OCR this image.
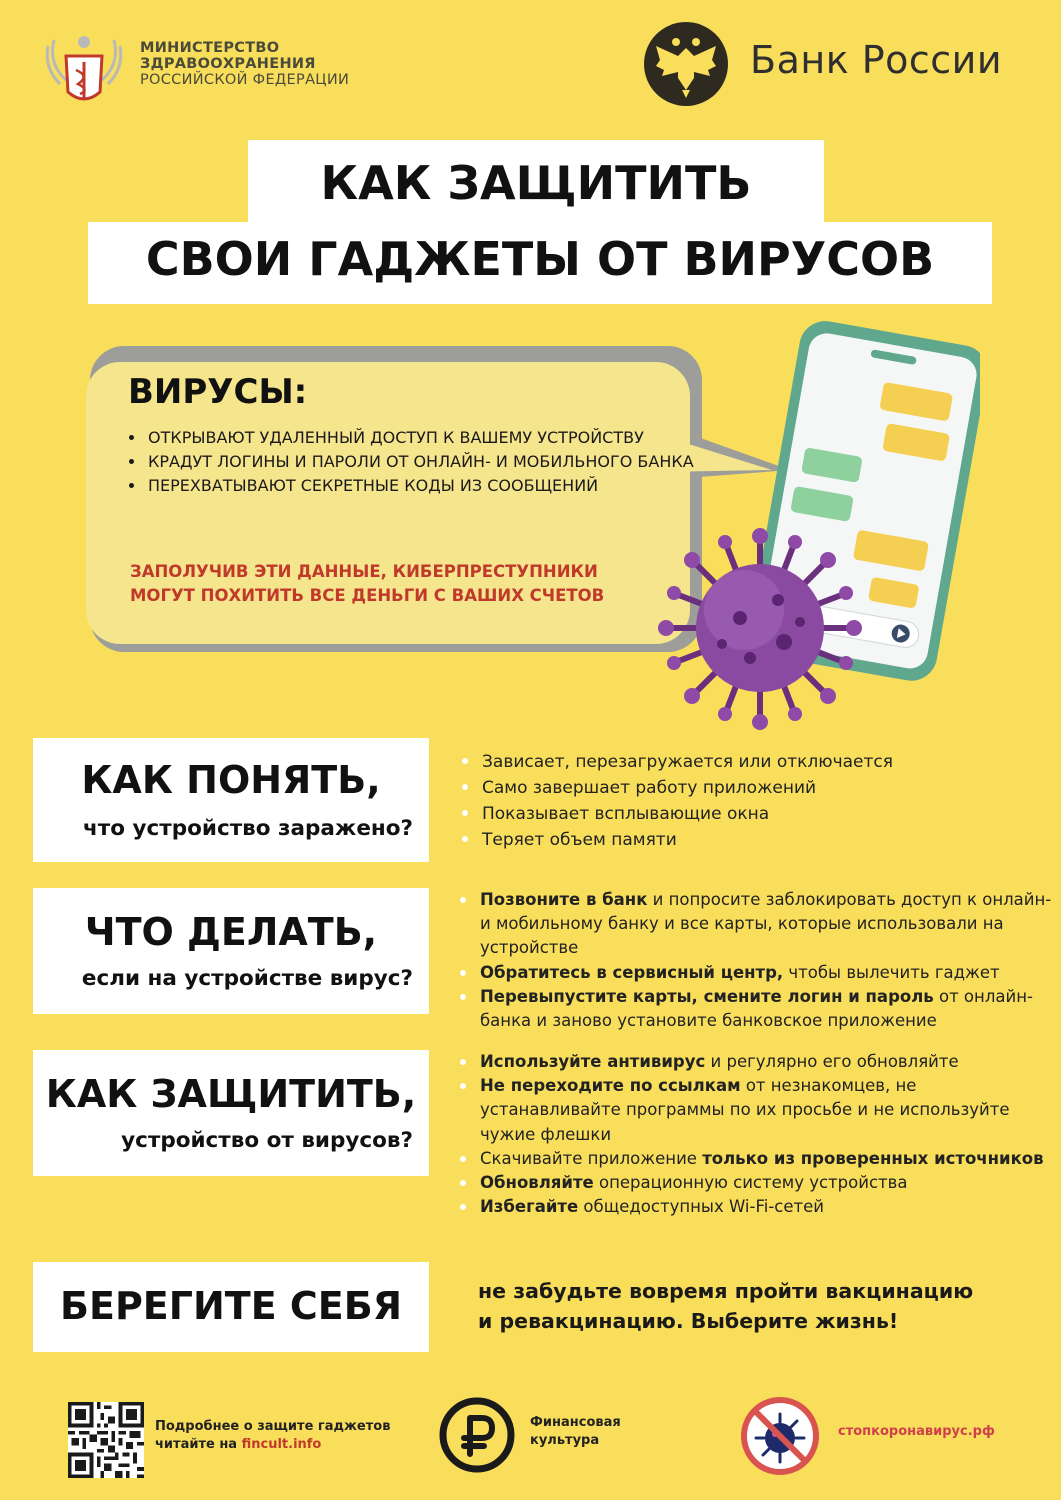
МИНИСТЕРСТВО
ЗДРАВООХРАНЕНИЯ
РОССИЙСКОЙ ФЕДЕРАЦИИ	Банк России
КАК ЗАЩИТИТЬ
СВОИ ГАДЖЕТЫ ОТ ВИРУСОВ
ВИРУСЫ:
• ОТКРЫВАЮТ УДАЛЕННЫЙ ДОСТУП К ВАШЕМУ УСТРОЙСТВУ
• КРАДУТ ЛОГИНЫ И ПАРОЛИ ОТ ОНЛАЙН- И МОБИЛЬНОГО БАНКА
• ПЕРЕХВАТЫВАЮТ СЕКРЕТНЫЕ КОДЫ ИЗ СООБЩЕНИЙ
ЗАПОЛУЧИВ ЭТИ ДАННЫЕ, КИБЕРПРЕСТУПНИКИ
МОГУТ ПОХИТИТЬ ВСЕ ДЕНЬГИ С ВАШИХ СЧЕТОВ
КАК ПОНЯТЬ,
что устройство заражено?
Зависает, перезагружается или отключается
Само завершает работу приложений
Показывает всплывающие окна
Теряет объем памяти
ЧТО ДЕЛАТЬ,
если на устройстве вирус?
Позвоните в банк и попросите заблокировать доступ к онлайн- и мобильному банку и все карты, которые использовали на устройстве
Обратитесь в сервисный центр, чтобы вылечить гаджет
Перевыпустите карты, смените логин и пароль от онлайн-банка и заново установите банковское приложение
КАК ЗАЩИТИТЬ,
устройство от вирусов?
Используйте антивирус и регулярно его обновляйте
Не переходите по ссылкам от незнакомцев, не устанавливайте программы по их просьбе и не используйте чужие флешки
Скачивайте приложение только из проверенных источников
Обновляйте операционную систему устройства
Избегайте общедоступных Wi-Fi-сетей
БЕРЕГИТЕ СЕБЯ	не забудьте вовремя пройти вакцинацию
и ревакцинацию. Выберите жизнь!
Подробнее о защите гаджетов
читайте на fincult.info
Финансовая
культура
стопкоронавирус.рф
